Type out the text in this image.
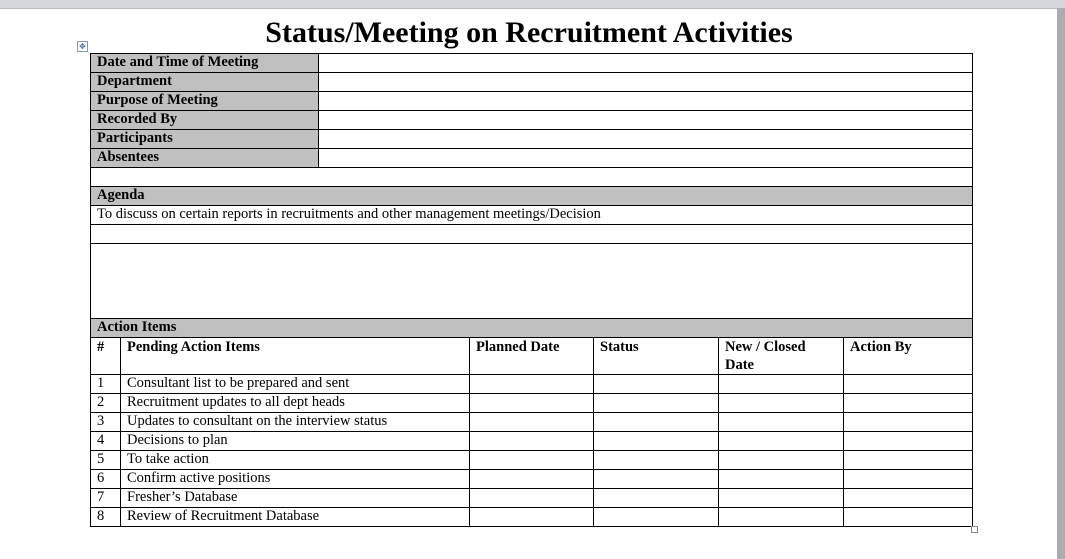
Status/Meeting on Recruitment Activities
✥
Date and Time of Meeting	
Department	
Purpose of Meeting	
Recorded By	
Participants	
Absentees	

Agenda
To discuss on certain reports in recruitments and other management meetings/Decision

Action Items					
#	Pending Action Items	Planned Date	Status	New / Closed Date	Action By
1	Consultant list to be prepared and sent				
2	Recruitment updates to all dept heads				
3	Updates to consultant on the interview status				
4	Decisions to plan				
5	To take action				
6	Confirm active positions				
7	Fresher’s Database				
8	Review of Recruitment Database				
